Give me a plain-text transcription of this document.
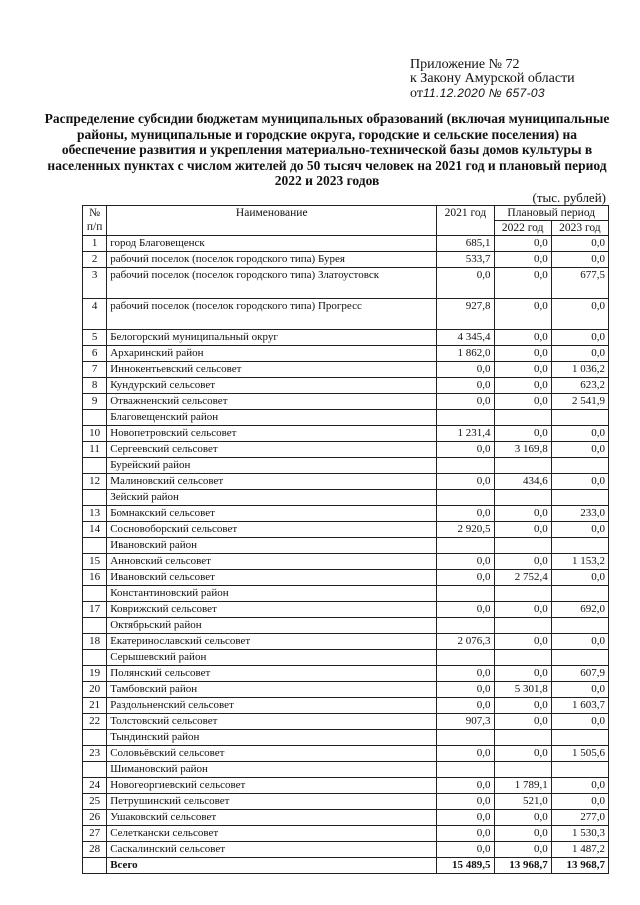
Приложение № 72
к Закону Амурской области
от11.12.2020 № 657-03
Распределение субсидии бюджетам муниципальных образований (включая муниципальные районы, муниципальные и городские округа, городские и сельские поселения) на обеспечение развития и укрепления материально-технической базы домов культуры в населенных пунктах с числом жителей до 50 тысяч человек на 2021 год и плановый период 2022 и 2023 годов
(тыс. рублей)
№ п/п	Наименование	2021 год	Плановый период	
			2022 год	2023 год
1	город Благовещенск	685,1	0,0	0,0
2	рабочий поселок (поселок городского типа) Бурея	533,7	0,0	0,0
3	рабочий поселок (поселок городского типа) Златоустовск	0,0	0,0	677,5
4	рабочий поселок (поселок городского типа) Прогресс	927,8	0,0	0,0
5	Белогорский муниципальный округ	4 345,4	0,0	0,0
6	Архаринский район	1 862,0	0,0	0,0
7	Иннокентьевский сельсовет	0,0	0,0	1 036,2
8	Кундурский сельсовет	0,0	0,0	623,2
9	Отважненский сельсовет	0,0	0,0	2 541,9
	Благовещенский район			
10	Новопетровский сельсовет	1 231,4	0,0	0,0
11	Сергеевский сельсовет	0,0	3 169,8	0,0
	Бурейский район			
12	Малиновский сельсовет	0,0	434,6	0,0
	Зейский район			
13	Бомнакский сельсовет	0,0	0,0	233,0
14	Сосновоборский сельсовет	2 920,5	0,0	0,0
	Ивановский район			
15	Анновский сельсовет	0,0	0,0	1 153,2
16	Ивановский сельсовет	0,0	2 752,4	0,0
	Константиновский район			
17	Коврижский сельсовет	0,0	0,0	692,0
	Октябрьский район			
18	Екатеринославский сельсовет	2 076,3	0,0	0,0
	Серышевский район			
19	Полянский сельсовет	0,0	0,0	607,9
20	Тамбовский район	0,0	5 301,8	0,0
21	Раздольненский сельсовет	0,0	0,0	1 603,7
22	Толстовский сельсовет	907,3	0,0	0,0
	Тындинский район			
23	Соловьёвский сельсовет	0,0	0,0	1 505,6
	Шимановский район			
24	Новогеоргиевский сельсовет	0,0	1 789,1	0,0
25	Петрушинский сельсовет	0,0	521,0	0,0
26	Ушаковский сельсовет	0,0	0,0	277,0
27	Селеткански сельсовет	0,0	0,0	1 530,3
28	Саскалинский сельсовет	0,0	0,0	1 487,2
	Всего	15 489,5	13 968,7	13 968,7
